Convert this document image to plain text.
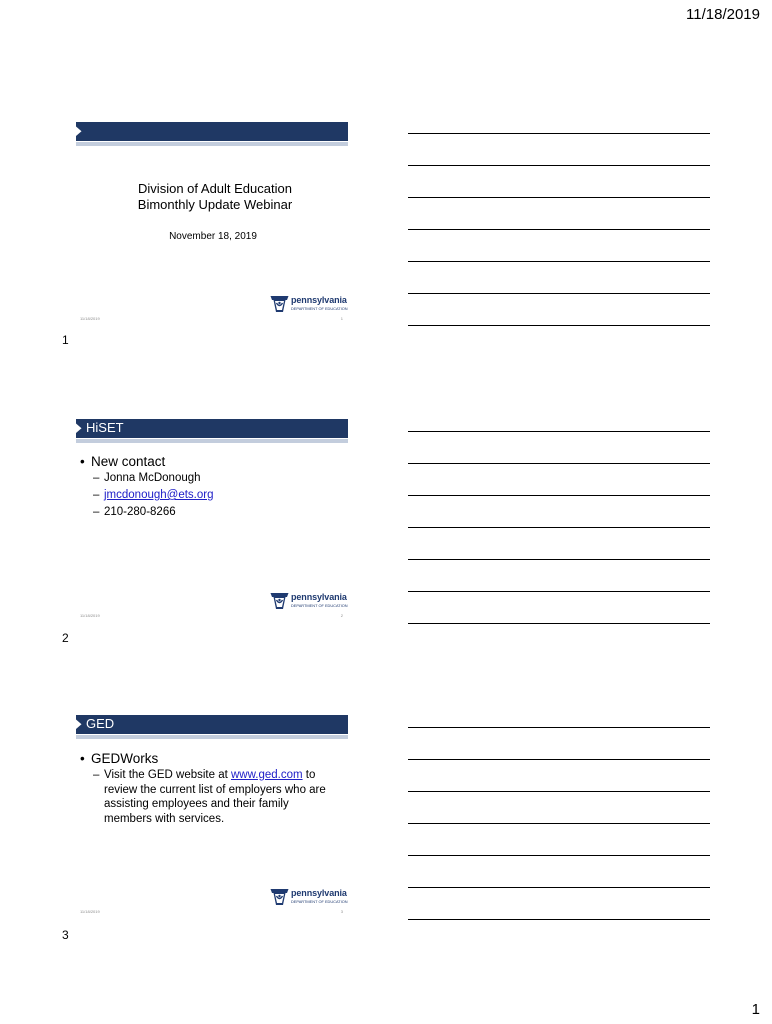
11/18/2019
1
Division of Adult Education
Bimonthly Update Webinar
November 18, 2019
pennsylvania
DEPARTMENT OF EDUCATION
11/18/2019	1
1
HiSET
• New contact
– Jonna McDonough
– jmcdonough@ets.org
– 210-280-8266
pennsylvania
DEPARTMENT OF EDUCATION
11/18/2019	2
2
GED
• GEDWorks
– Visit the GED website at www.ged.com to review the current list of employers who are assisting employees and their family members with services.
pennsylvania
DEPARTMENT OF EDUCATION
11/18/2019	3
3
